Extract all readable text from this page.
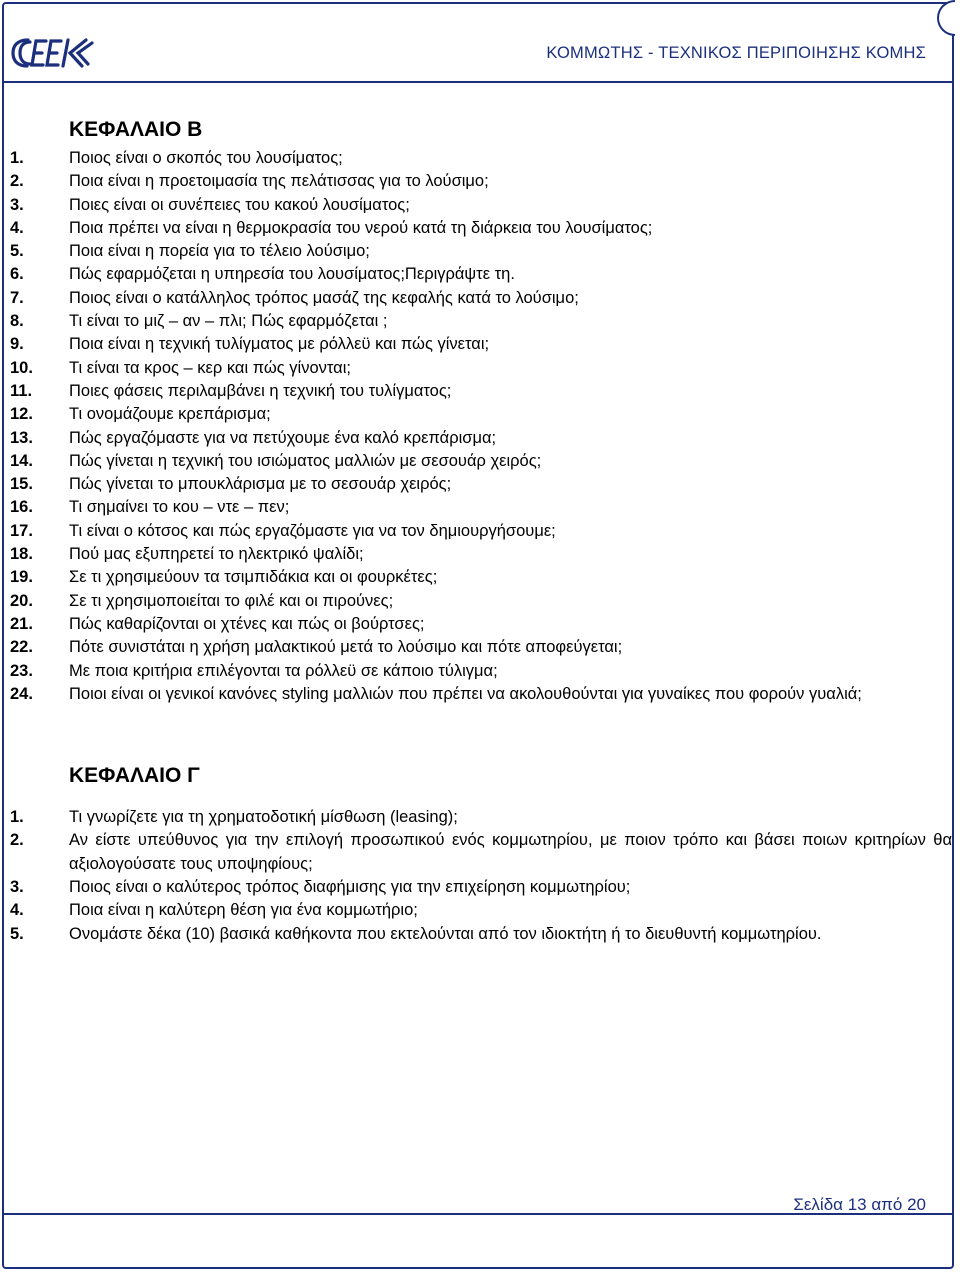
ΚΟΜΜΩΤΗΣ - ΤΕΧΝΙΚΟΣ ΠΕΡΙΠΟΙΗΣΗΣ ΚΟΜΗΣ
ΚΕΦΑΛΑΙΟ Β
1.	Ποιος είναι ο σκοπός του λουσίματος;
2.	Ποια είναι η προετοιμασία της πελάτισσας για το λούσιμο;
3.	Ποιες είναι οι συνέπειες του κακού λουσίματος;
4.	Ποια πρέπει να είναι η θερμοκρασία του νερού κατά τη διάρκεια του λουσίματος;
5.	Ποια είναι η πορεία για το τέλειο λούσιμο;
6.	Πώς εφαρμόζεται η υπηρεσία του λουσίματος;Περιγράψτε τη.
7.	Ποιος είναι ο κατάλληλος τρόπος μασάζ της κεφαλής κατά το λούσιμο;
8.	Τι είναι το μιζ – αν – πλι; Πώς εφαρμόζεται ;
9.	Ποια είναι η τεχνική τυλίγματος με ρόλλεϋ και πώς γίνεται;
10. Τι είναι τα κρος – κερ και πώς γίνονται;
11. Ποιες φάσεις περιλαμβάνει η τεχνική του τυλίγματος;
12. Τι ονομάζουμε κρεπάρισμα;
13. Πώς εργαζόμαστε για να πετύχουμε ένα καλό κρεπάρισμα;
14. Πώς γίνεται η τεχνική του ισιώματος μαλλιών με σεσουάρ χειρός;
15. Πώς γίνεται το μπουκλάρισμα με το σεσουάρ χειρός;
16. Τι σημαίνει το κου – ντε – πεν;
17. Τι είναι ο κότσος και πώς εργαζόμαστε για να τον δημιουργήσουμε;
18. Πού μας εξυπηρετεί το ηλεκτρικό ψαλίδι;
19. Σε τι χρησιμεύουν τα τσιμπιδάκια και οι φουρκέτες;
20. Σε τι χρησιμοποιείται το φιλέ και οι πιρούνες;
21. Πώς καθαρίζονται οι χτένες και πώς οι βούρτσες;
22. Πότε συνιστάται η χρήση μαλακτικού μετά το λούσιμο και πότε αποφεύγεται;
23. Με ποια κριτήρια επιλέγονται τα ρόλλεϋ σε κάποιο τύλιγμα;
24. Ποιοι είναι οι γενικοί κανόνες styling μαλλιών που πρέπει να ακολουθούνται για γυναίκες που φορούν γυαλιά;
ΚΕΦΑΛΑΙΟ Γ
1.	Τι γνωρίζετε για τη χρηματοδοτική μίσθωση (leasing);
2.	Αν είστε υπεύθυνος για την επιλογή προσωπικού ενός κομμωτηρίου, με ποιον τρόπο και βάσει ποιων κριτηρίων θα αξιολογούσατε τους υποψηφίους;
3.	Ποιος είναι ο καλύτερος τρόπος διαφήμισης για την επιχείρηση κομμωτηρίου;
4.	Ποια είναι η καλύτερη θέση για ένα κομμωτήριο;
5.	Ονομάστε δέκα (10) βασικά καθήκοντα που εκτελούνται από τον ιδιοκτήτη ή το διευθυντή κομμωτηρίου.
Σελίδα 13 από 20
